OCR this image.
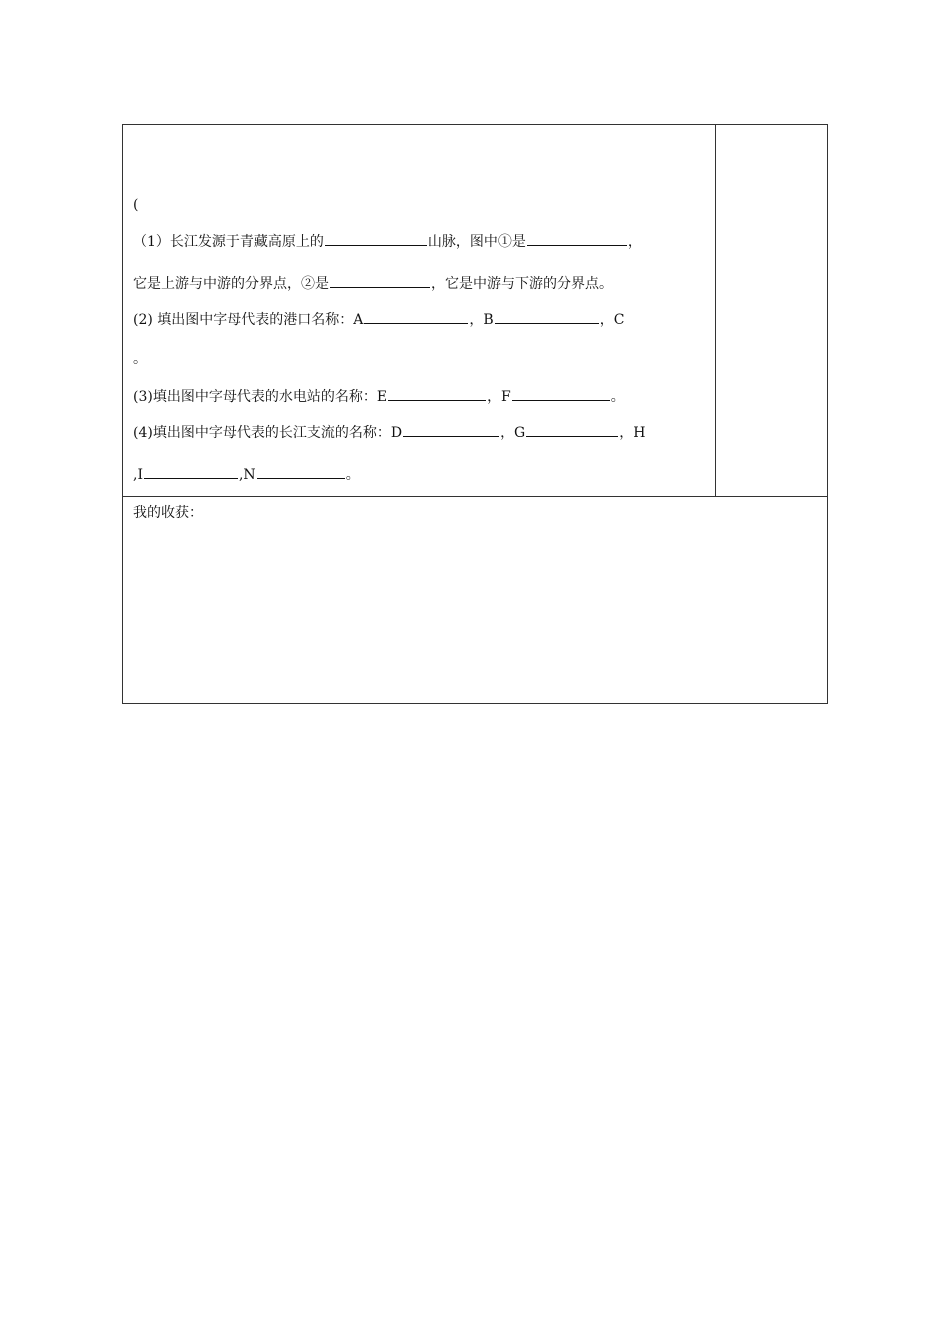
(
（1）长江发源于青藏高原上的	山脉，图中①是	，
它是上游与中游的分界点，②是	，它是中游与下游的分界点。
(2) 填出图中字母代表的港口名称：A	，B	，C
。
(3)填出图中字母代表的水电站的名称：E	，F	。
(4)填出图中字母代表的长江支流的名称：D	，G	，H
,I	,N	。
我的收获：
